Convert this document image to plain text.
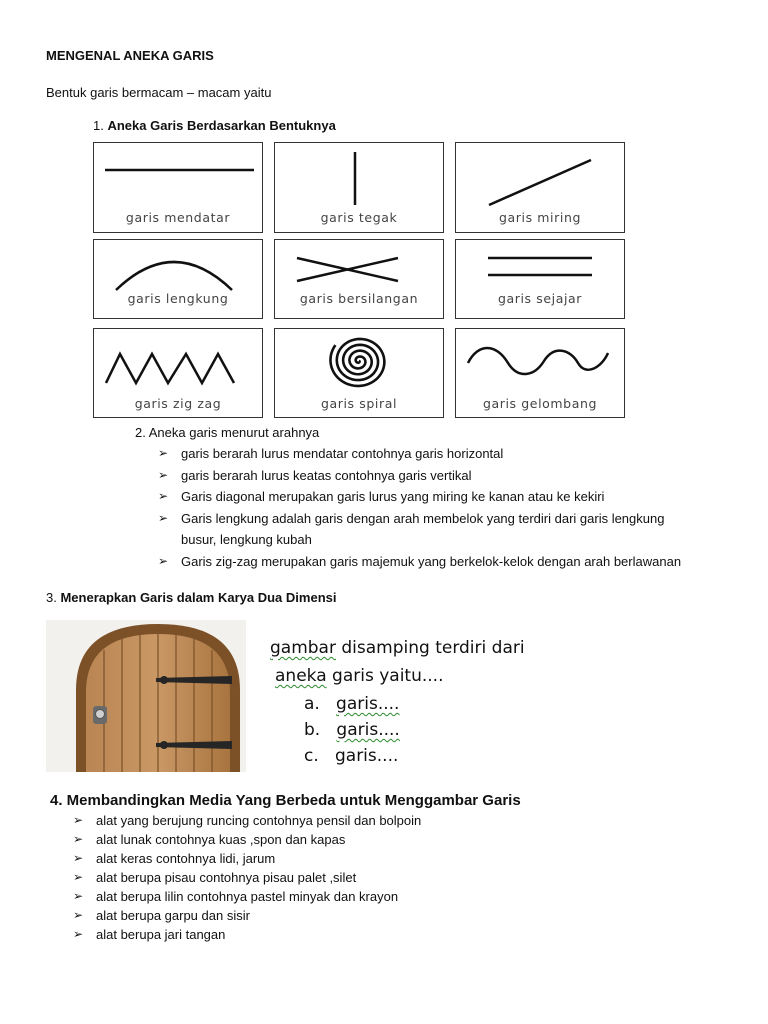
MENGENAL ANEKA GARIS
Bentuk garis bermacam – macam yaitu
1. Aneka Garis Berdasarkan Bentuknya
garis mendatar	garis tegak	garis miring
garis lengkung	garis bersilangan	garis sejajar
garis zig zag	garis spiral	garis gelombang
2. Aneka garis menurut arahnya
➢ garis berarah lurus mendatar contohnya garis horizontal
➢ garis berarah lurus keatas contohnya garis vertikal
➢ Garis diagonal merupakan garis lurus yang miring ke kanan atau ke kekiri
➢ Garis lengkung adalah garis dengan arah membelok yang terdiri dari garis lengkung
busur, lengkung kubah
➢ Garis zig-zag merupakan garis majemuk yang berkelok-kelok dengan arah berlawanan
3. Menerapkan Garis dalam Karya Dua Dimensi
gambar disamping terdiri dari
aneka garis yaitu....
a. garis....
b. garis....
c. garis....
4. Membandingkan Media Yang Berbeda untuk Menggambar Garis
➢ alat yang berujung runcing contohnya pensil dan bolpoin
➢ alat lunak contohnya kuas ,spon dan kapas
➢ alat keras contohnya lidi, jarum
➢ alat berupa pisau contohnya pisau palet ,silet
➢ alat berupa lilin contohnya pastel minyak dan krayon
➢ alat berupa garpu dan sisir
➢ alat berupa jari tangan
